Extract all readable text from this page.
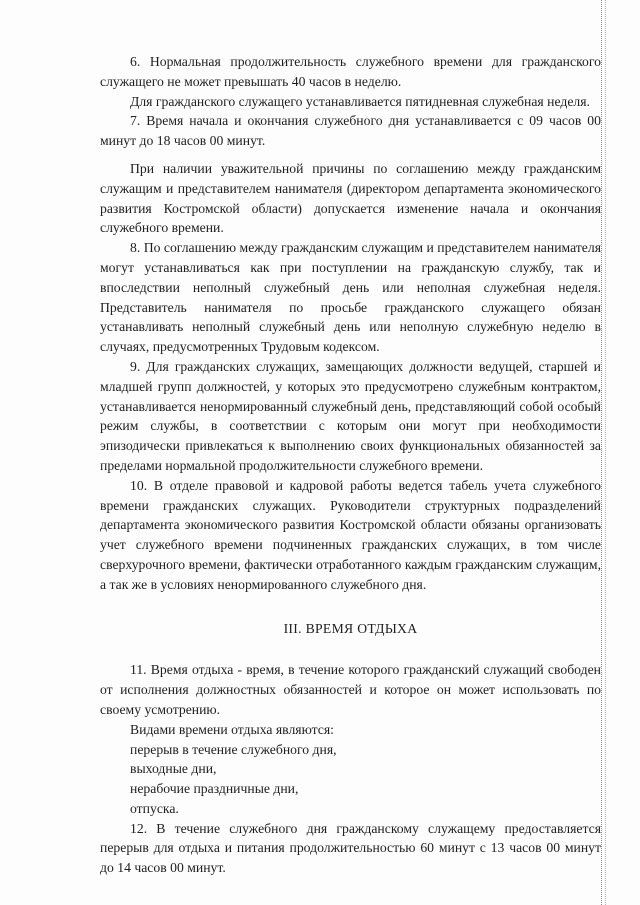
6. Нормальная продолжительность служебного времени для гражданского служащего не может превышать 40 часов в неделю.

Для гражданского служащего устанавливается пятидневная служебная неделя.

7. Время начала и окончания служебного дня устанавливается с 09 часов 00 минут до 18 часов 00 минут.

При наличии уважительной причины по соглашению между гражданским служащим и представителем нанимателя (директором департамента экономического развития Костромской области) допускается изменение начала и окончания служебного времени.

8. По соглашению между гражданским служащим и представителем нанимателя могут устанавливаться как при поступлении на гражданскую службу, так и впоследствии неполный служебный день или неполная служебная неделя. Представитель нанимателя по просьбе гражданского служащего обязан устанавливать неполный служебный день или неполную служебную неделю в случаях, предусмотренных Трудовым кодексом.

9. Для гражданских служащих, замещающих должности ведущей, старшей и младшей групп должностей, у которых это предусмотрено служебным контрактом, устанавливается ненормированный служебный день, представляющий собой особый режим службы, в соответствии с которым они могут при необходимости эпизодически привлекаться к выполнению своих функциональных обязанностей за пределами нормальной продолжительности служебного времени.

10. В отделе правовой и кадровой работы ведется табель учета служебного времени гражданских служащих. Руководители структурных подразделений департамента экономического развития Костромской области обязаны организовать учет служебного времени подчиненных гражданских служащих, в том числе сверхурочного времени, фактически отработанного каждым гражданским служащим, а так же в условиях ненормированного служебного дня.

III. ВРЕМЯ ОТДЫХА

11. Время отдыха - время, в течение которого гражданский служащий свободен от исполнения должностных обязанностей и которое он может использовать по своему усмотрению.

Видами времени отдыха являются:

перерыв в течение служебного дня,

выходные дни,

нерабочие праздничные дни,

отпуска.

12. В течение служебного дня гражданскому служащему предоставляется перерыв для отдыха и питания продолжительностью 60 минут с 13 часов 00 минут до 14 часов 00 минут.
